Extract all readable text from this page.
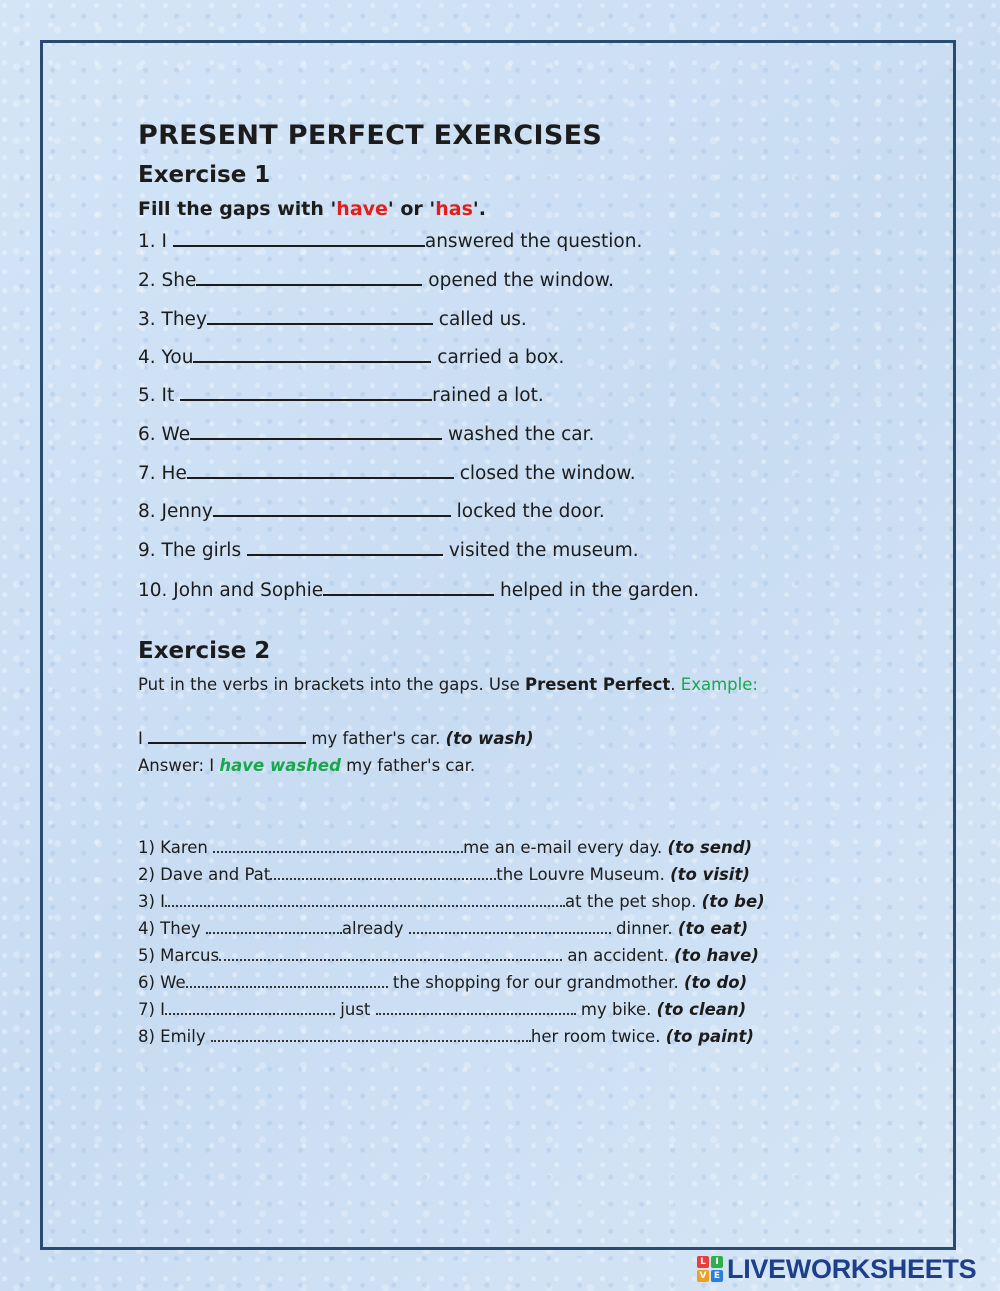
PRESENT PERFECT EXERCISES
Exercise 1
Fill the gaps with 'have' or 'has'.
1. I	answered the question.
2. She	opened the window.
3. They	called us.
4. You	carried a box.
5. It	rained a lot.
6. We	washed the car.
7. He	closed the window.
8. Jenny	locked the door.
9. The girls	visited the museum.
10. John and Sophie	helped in the garden.
Exercise 2
Put in the verbs in brackets into the gaps. Use Present Perfect. Example:
I	my father's car. (to wash)
Answer: I have washed my father's car.
1) Karen	me an e-mail every day. (to send)
2) Dave and Pat	the Louvre Museum. (to visit)
3) I	at the pet shop. (to be)
4) They	already	dinner. (to eat)
5) Marcus	an accident. (to have)
6) We	the shopping for our grandmother. (to do)
7) I	just	my bike. (to clean)
8) Emily	her room twice. (to paint)
L	I
V E LIVEWORKSHEETS
